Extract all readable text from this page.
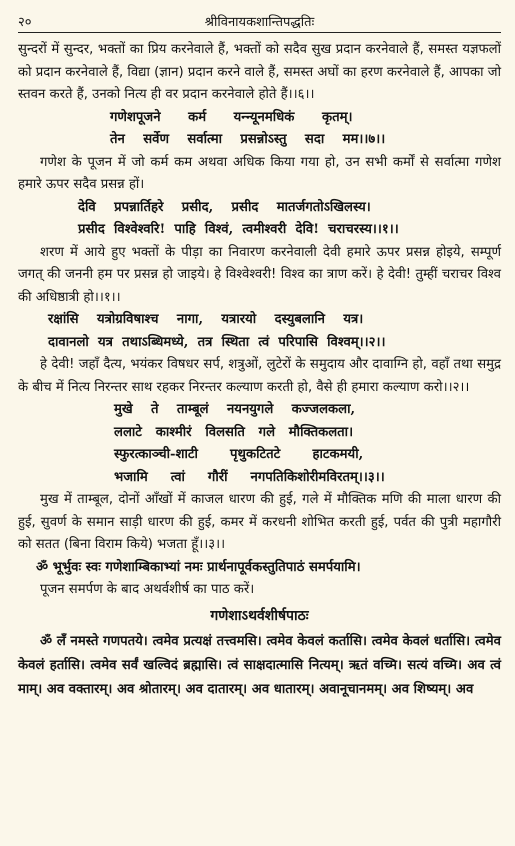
२०	श्रीविनायकशान्तिपद्धतिः

सुन्दरों में सुन्दर, भक्तों का प्रिय करनेवाले हैं, भक्तों को सदैव सुख प्रदान करनेवाले हैं, समस्त यज्ञफलों को प्रदान करनेवाले हैं, विद्या (ज्ञान) प्रदान करने वाले हैं, समस्त अघों का हरण करनेवाले हैं, आपका जो स्तवन करते हैं, उनको नित्य ही वर प्रदान करनेवाले होते हैं।।६।।

गणेशपूजने      कर्म      यन्न्यूनमधिकं      कृतम्।
तेन    सर्वेण    सर्वात्मा    प्रसन्नोऽस्तु    सदा    मम।।७।।

गणेश के पूजन में जो कर्म कम अथवा अधिक किया गया हो, उन सभी कर्मों से सर्वात्मा गणेश हमारे ऊपर सदैव प्रसन्न हों।

देवि    प्रपन्नार्तिहरे    प्रसीद,    प्रसीद    मातर्जगतोऽखिलस्य।
प्रसीद  विश्वेश्वरि!  पाहि  विश्वं,  त्वमीश्वरी  देवि!  चराचरस्य।।१।।

शरण में आये हुए भक्तों के पीड़ा का निवारण करनेवाली देवी हमारे ऊपर प्रसन्न होइये, सम्पूर्ण जगत् की जननी हम पर प्रसन्न हो जाइये। हे विश्वेश्वरी! विश्व का त्राण करें। हे देवी! तुम्हीं चराचर विश्व की अधिष्ठात्री हो।।१।।

रक्षांसि    यत्रोग्रविषाश्च    नागा,    यत्रारयो    दस्युबलानि    यत्र।
दावानलो  यत्र  तथाऽब्धिमध्ये,  तत्र  स्थिता  त्वं  परिपासि  विश्वम्।।२।।

हे देवी! जहाँ दैत्य, भयंकर विषधर सर्प, शत्रुओं, लुटेरों के समुदाय और दावाग्नि हो, वहाँ तथा समुद्र के बीच में नित्य निरन्तर साथ रहकर निरन्तर कल्याण करती हो, वैसे ही हमारा कल्याण करो।।२।।

मुखे    ते    ताम्बूलं    नयनयुगले    कज्जलकला,
ललाटे   काश्मीरं   विलसति   गले   मौक्तिकलता।
स्फुरत्काञ्ची-शाटी       पृथुकटितटे       हाटकमयी,
भजामि     त्वां     गौरीं     नगपतिकिशोरीमविरतम्।।३।।

मुख में ताम्बूल, दोनों आँखों में काजल धारण की हुई, गले में मौक्तिक मणि की माला धारण की हुई, सुवर्ण के समान साड़ी धारण की हुई, कमर में करधनी शोभित करती हुई, पर्वत की पुत्री महागौरी को सतत (बिना विराम किये) भजता हूँ।।३।।

ॐ भूर्भुवः स्वः गणेशाम्बिकाभ्यां नमः प्रार्थनापूर्वकस्तुतिपाठं समर्पयामि।

पूजन समर्पण के बाद अथर्वशीर्ष का पाठ करें।

गणेशाऽथर्वशीर्षपाठः

ॐ लँ नमस्ते गणपतये। त्वमेव प्रत्यक्षं तत्त्वमसि। त्वमेव केवलं कर्तासि। त्वमेव केवलं धर्तासि। त्वमेव केवलं हर्तासि। त्वमेव सर्वं खल्विदं ब्रह्मासि। त्वं साक्षदात्मासि नित्यम्। ऋतं वच्मि। सत्यं वच्मि। अव त्वं माम्। अव वक्तारम्। अव श्रोतारम्। अव दातारम्। अव धातारम्। अवानूचानमम्। अव शिष्यम्। अव
